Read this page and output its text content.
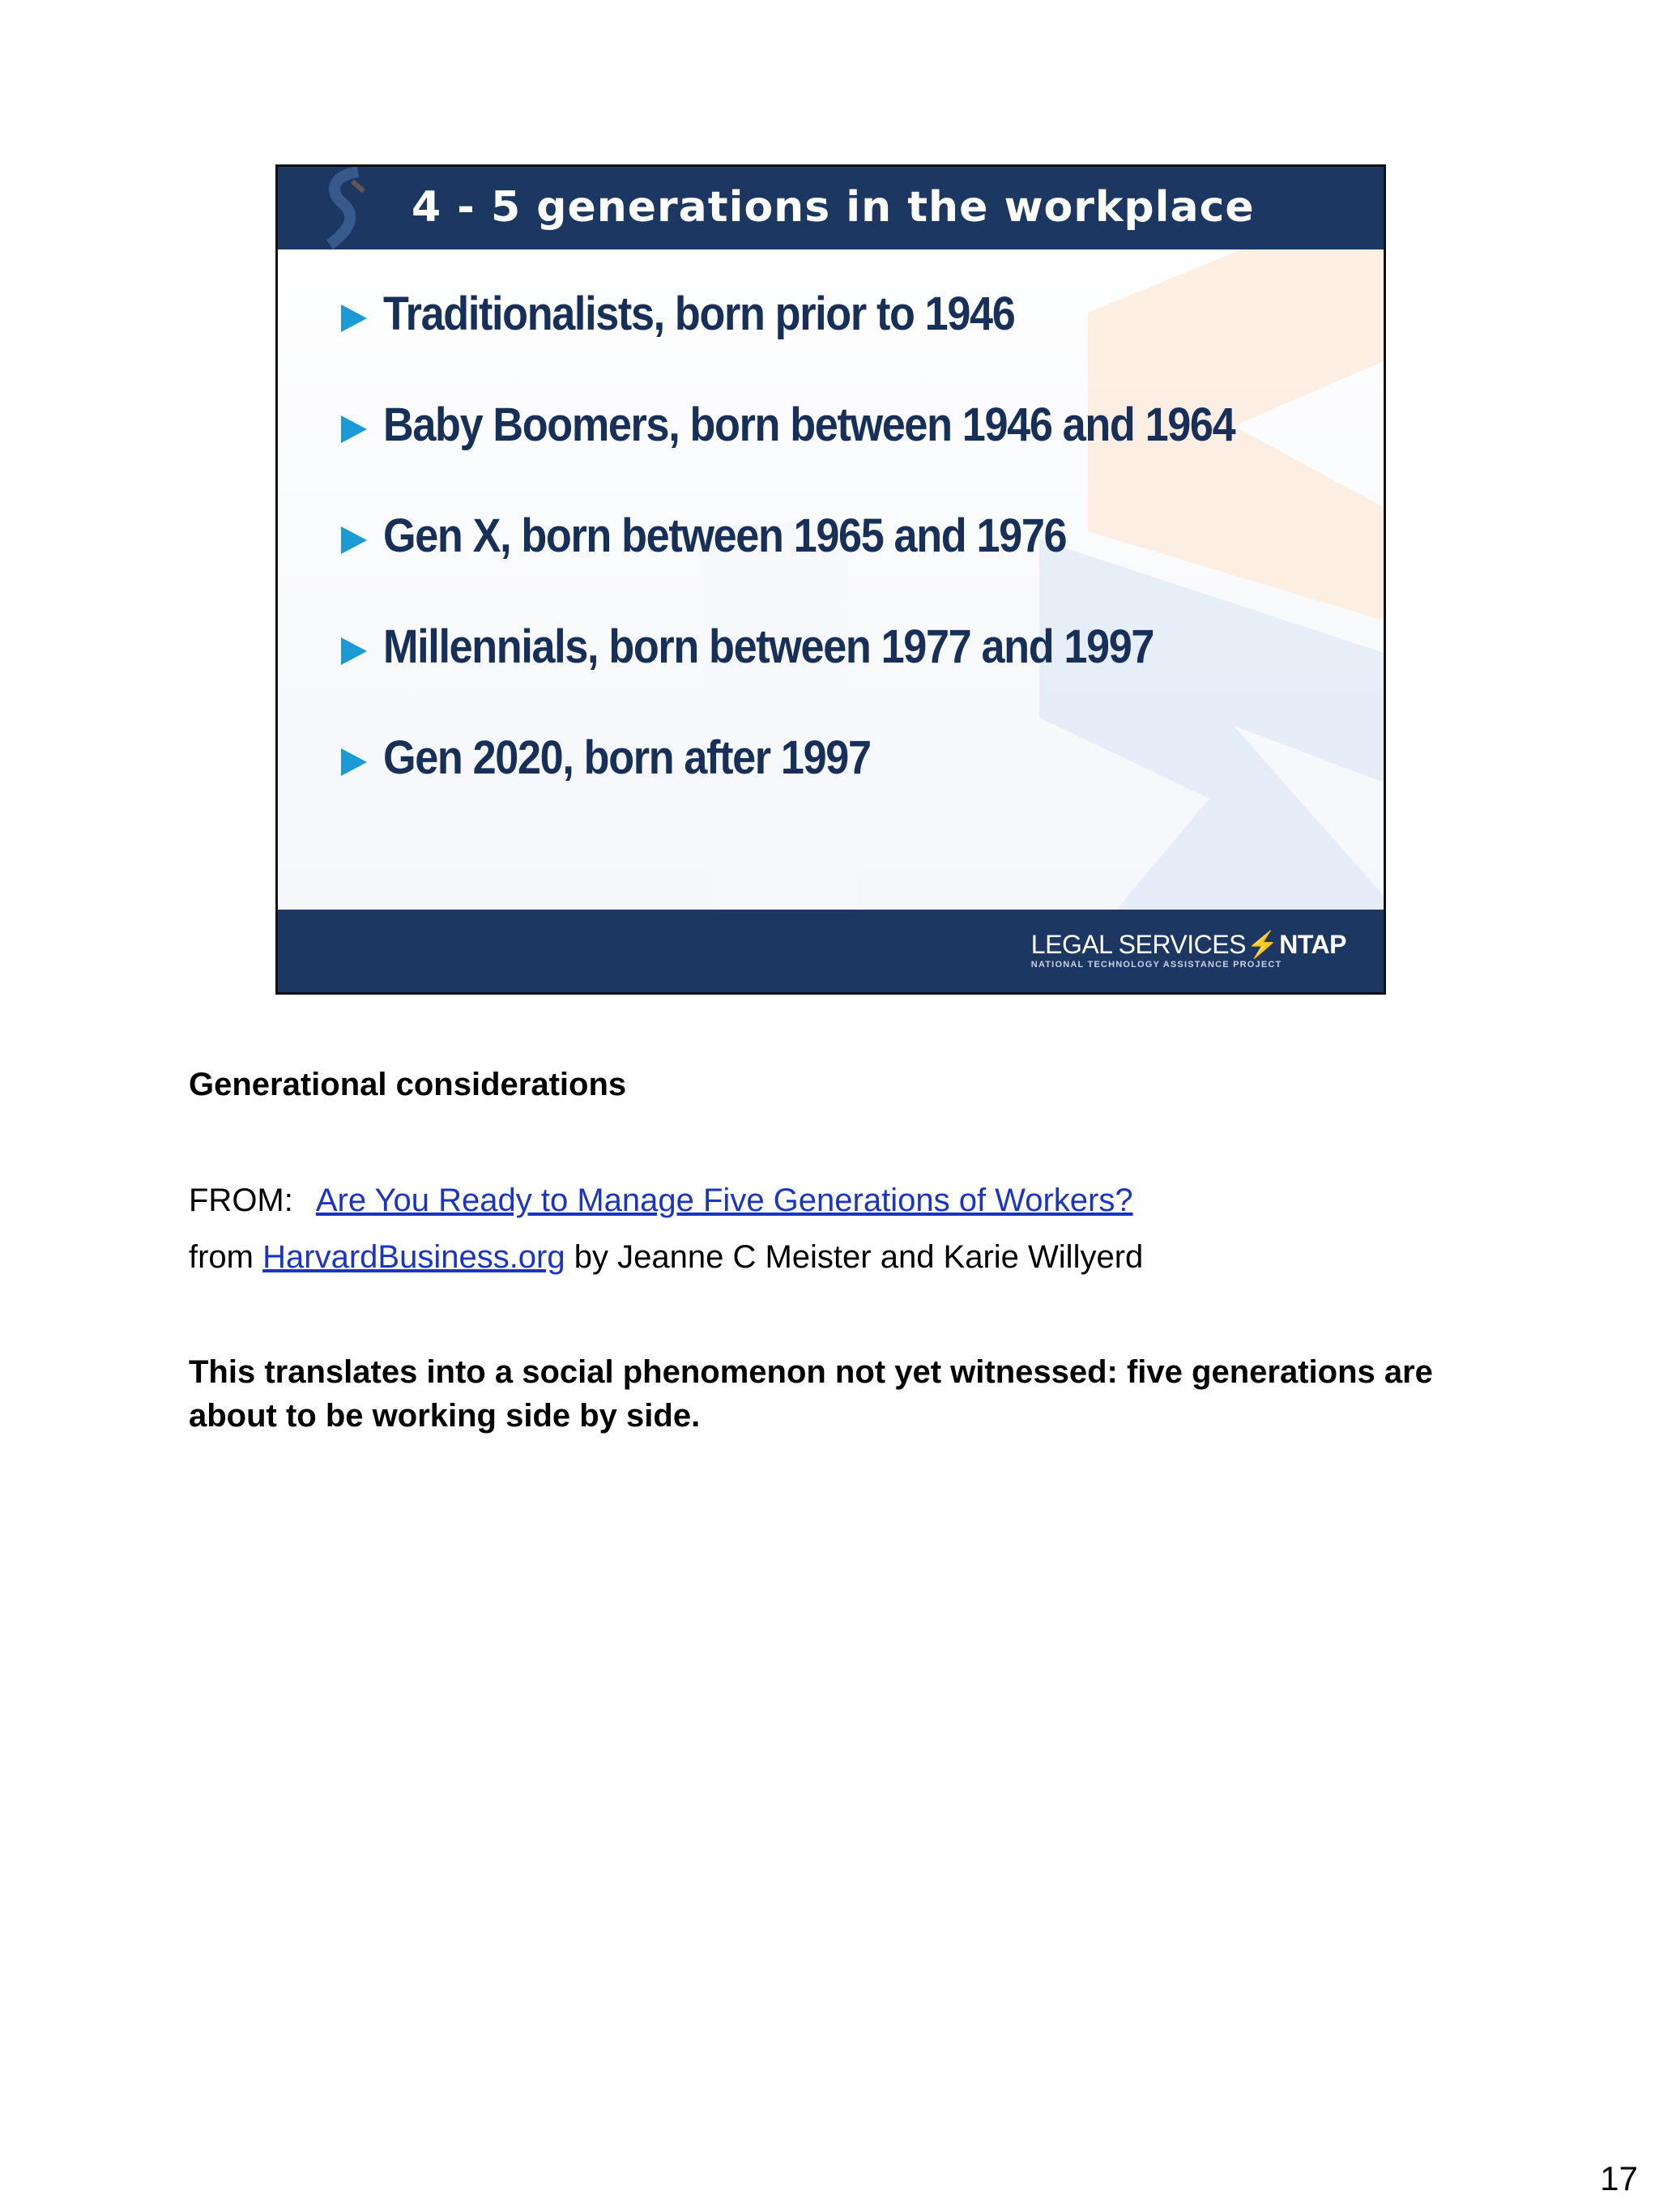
4 - 5 generations in the workplace
Traditionalists, born prior to 1946
Baby Boomers, born between 1946 and 1964
Gen X, born between 1965 and 1976
Millennials, born between 1977 and 1997
Gen 2020, born after 1997
LEGAL SERVICES⚡NTAP
NATIONAL TECHNOLOGY ASSISTANCE PROJECT
Generational considerations
FROM: Are You Ready to Manage Five Generations of Workers?
from HarvardBusiness.org by Jeanne C Meister and Karie Willyerd
This translates into a social phenomenon not yet witnessed: five generations are about to be working side by side.
17
